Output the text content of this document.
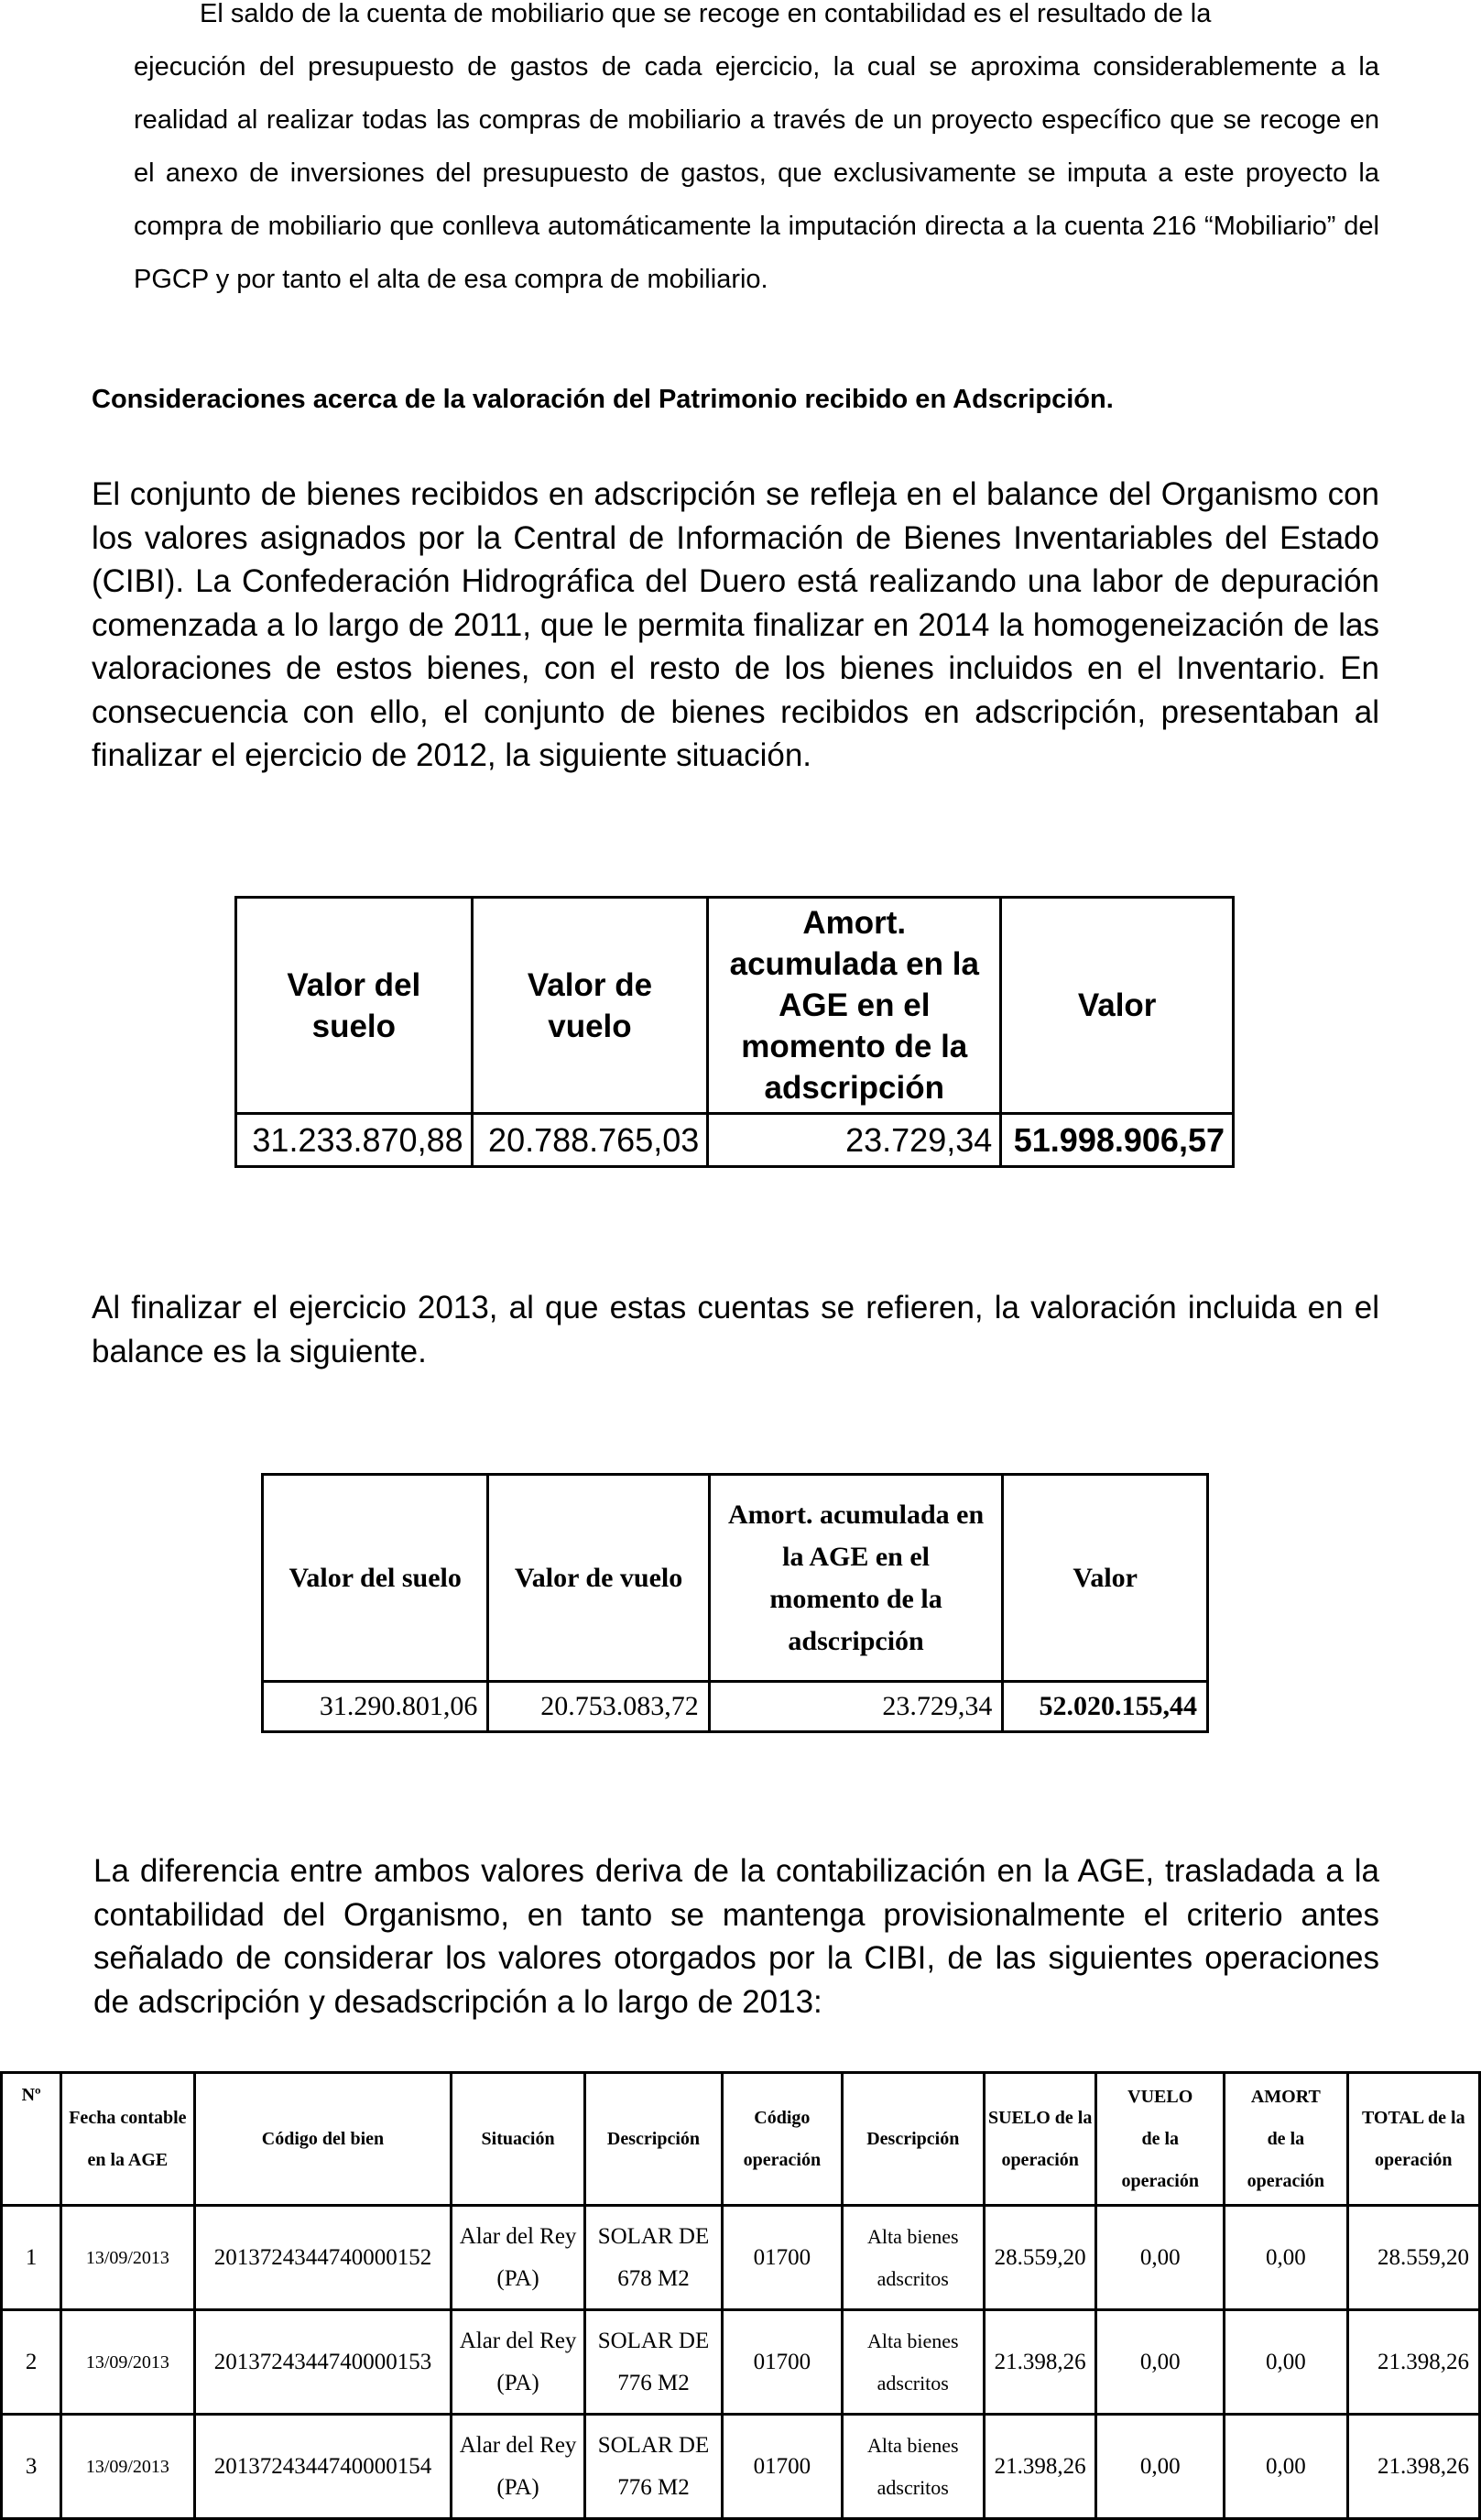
El saldo de la cuenta de mobiliario que se recoge en contabilidad es el resultado de la
ejecución del presupuesto de gastos de cada ejercicio, la cual se aproxima considerablemente a la realidad al realizar todas las compras de mobiliario a través de un proyecto específico que se recoge en el anexo de inversiones del presupuesto de gastos, que exclusivamente se imputa a este proyecto la compra de mobiliario que conlleva automáticamente la imputación directa a la cuenta 216 “Mobiliario” del PGCP y por tanto el alta de esa compra de mobiliario.
Consideraciones acerca de la valoración del Patrimonio recibido en Adscripción.
El conjunto de bienes recibidos en adscripción se refleja en el balance del Organismo con los valores asignados por la Central de Información de Bienes Inventariables del Estado (CIBI). La Confederación Hidrográfica del Duero está realizando una labor de depuración comenzada a lo largo de 2011, que le permita finalizar en 2014 la homogeneización de las valoraciones de estos bienes, con el resto de los bienes incluidos en el Inventario. En consecuencia con ello, el conjunto de bienes recibidos en adscripción, presentaban al finalizar el ejercicio de 2012, la siguiente situación.
Valor del suelo	Valor de vuelo	Amort. acumulada en la AGE en el momento de la adscripción	Valor
31.233.870,88	20.788.765,03	23.729,34	51.998.906,57
Al finalizar el ejercicio 2013, al que estas cuentas se refieren, la valoración incluida en el balance es la siguiente.
Valor del suelo	Valor de vuelo	Amort. acumulada en la AGE en el momento de la adscripción	Valor
31.290.801,06	20.753.083,72	23.729,34	52.020.155,44
La diferencia entre ambos valores deriva de la contabilización en la AGE, trasladada a la contabilidad del Organismo, en tanto se mantenga provisionalmente el criterio antes señalado de considerar los valores otorgados por la CIBI, de las siguientes operaciones de adscripción y desadscripción a lo largo de 2013:
Nº	Fecha contable en la AGE	Código del bien	Situación	Descripción	Código operación	Descripción	SUELO de la operación	VUELO de la operación	AMORT de la operación	TOTAL de la operación
1	13/09/2013	2013724344740000152	Alar del Rey (PA)	SOLAR DE 678 M2	01700	Alta bienes adscritos	28.559,20	0,00	0,00	28.559,20
2	13/09/2013	2013724344740000153	Alar del Rey (PA)	SOLAR DE 776 M2	01700	Alta bienes adscritos	21.398,26	0,00	0,00	21.398,26
3	13/09/2013	2013724344740000154	Alar del Rey (PA)	SOLAR DE 776 M2	01700	Alta bienes adscritos	21.398,26	0,00	0,00	21.398,26
